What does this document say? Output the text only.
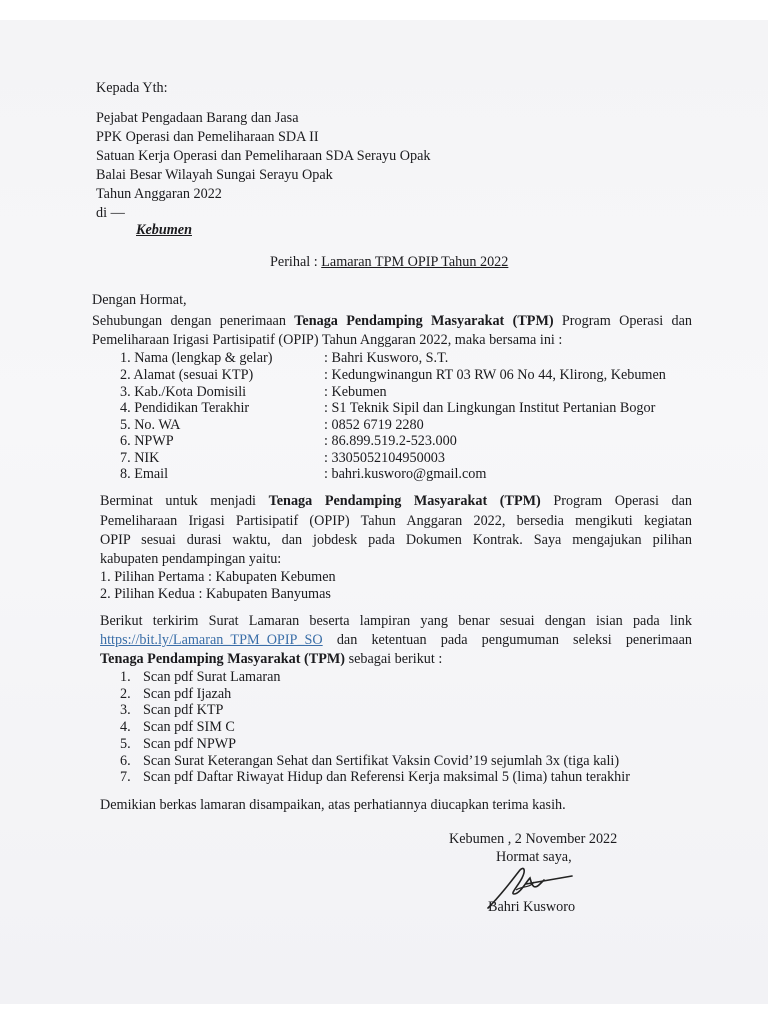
Kepada Yth:
Pejabat Pengadaan Barang dan Jasa
PPK Operasi dan Pemeliharaan SDA II
Satuan Kerja Operasi dan Pemeliharaan SDA Serayu Opak
Balai Besar Wilayah Sungai Serayu Opak
Tahun Anggaran 2022
di —
Kebumen
Perihal : Lamaran TPM OPIP Tahun 2022
Dengan Hormat,
Sehubungan dengan penerimaan Tenaga Pendamping Masyarakat (TPM) Program Operasi dan
Pemeliharaan Irigasi Partisipatif (OPIP) Tahun Anggaran 2022, maka bersama ini :
1. Nama (lengkap & gelar)	: Bahri Kusworo, S.T.
2. Alamat (sesuai KTP)	: Kedungwinangun RT 03 RW 06 No 44, Klirong, Kebumen
3. Kab./Kota Domisili	: Kebumen
4. Pendidikan Terakhir	: S1 Teknik Sipil dan Lingkungan Institut Pertanian Bogor
5. No. WA	: 0852 6719 2280
6. NPWP	: 86.899.519.2-523.000
7. NIK	: 3305052104950003
8. Email	: bahri.kusworo@gmail.com
Berminat untuk menjadi Tenaga Pendamping Masyarakat (TPM) Program Operasi dan
Pemeliharaan Irigasi Partisipatif (OPIP) Tahun Anggaran 2022, bersedia mengikuti kegiatan
OPIP sesuai durasi waktu, dan jobdesk pada Dokumen Kontrak. Saya mengajukan pilihan
kabupaten pendampingan yaitu:
1. Pilihan Pertama : Kabupaten Kebumen
2. Pilihan Kedua : Kabupaten Banyumas
Berikut terkirim Surat Lamaran beserta lampiran yang benar sesuai dengan isian pada link
https://bit.ly/Lamaran_TPM_OPIP_SO dan ketentuan pada pengumuman seleksi penerimaan
Tenaga Pendamping Masyarakat (TPM) sebagai berikut :
1. Scan pdf Surat Lamaran
2. Scan pdf Ijazah
3. Scan pdf KTP
4. Scan pdf SIM C
5. Scan pdf NPWP
6. Scan Surat Keterangan Sehat dan Sertifikat Vaksin Covid’19 sejumlah 3x (tiga kali)
7. Scan pdf Daftar Riwayat Hidup dan Referensi Kerja maksimal 5 (lima) tahun terakhir
Demikian berkas lamaran disampaikan, atas perhatiannya diucapkan terima kasih.
Kebumen , 2 November 2022
Hormat saya,
Bahri Kusworo
